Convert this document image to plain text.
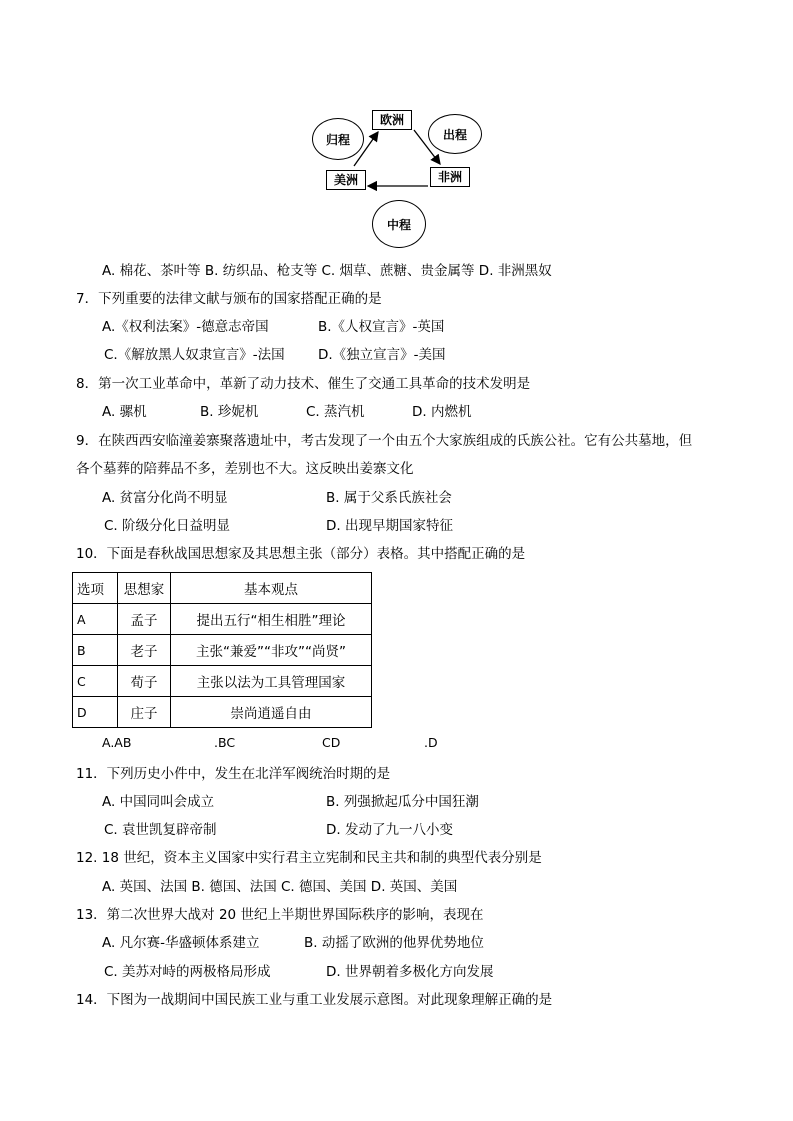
欧洲
非洲
美洲
出程
归程
中程
A. 棉花、茶叶等 B. 纺织品、枪支等 C. 烟草、蔗糖、贵金属等 D. 非洲黑奴
7．下列重要的法律文献与颁布的国家搭配正确的是
A.《权利法案》-德意志帝国	B.《人权宣言》-英国
C.《解放黑人奴隶宣言》-法国 D.《独立宣言》-美国
8．第一次工业革命中，革新了动力技术、催生了交通工具革命的技术发明是
A. 骡机	B. 珍妮机	C. 蒸汽机	D. 内燃机
9．在陕西西安临潼姜寨聚落遗址中，考古发现了一个由五个大家族组成的氏族公社。它有公共墓地，但
各个墓葬的陪葬品不多，差别也不大。这反映出姜寨文化
A. 贫富分化尚不明显	B. 属于父系氏族社会
C. 阶级分化日益明显	D. 出现早期国家特征
10．下面是春秋战国思想家及其思想主张（部分）表格。其中搭配正确的是
选项	思想家	基本观点
A	孟子	提出五行“相生相胜”理论
B	老子	主张“兼爱”“非攻”“尚贤”
C	荀子	主张以法为工具管理国家
D	庄子	崇尚逍遥自由
A.AB	.BC	CD	.D
11．下列历史小件中，发生在北洋军阀统治时期的是
A. 中国同叫会成立	B. 列强掀起瓜分中国狂潮
C. 袁世凯复辟帝制	D. 发动了九一八小变
12. 18 世纪，资本主义国家中实行君主立宪制和民主共和制的典型代表分别是
A. 英国、法国 B. 德国、法国 C. 德国、美国 D. 英国、美国
13．第二次世界大战对 20 世纪上半期世界国际秩序的影响，表现在
A. 凡尔赛-华盛顿体系建立	B. 动摇了欧洲的他界优势地位
C. 美苏对峙的两极格局形成	D. 世界朝着多极化方向发展
14．下图为一战期间中国民族工业与重工业发展示意图。对此现象理解正确的是
